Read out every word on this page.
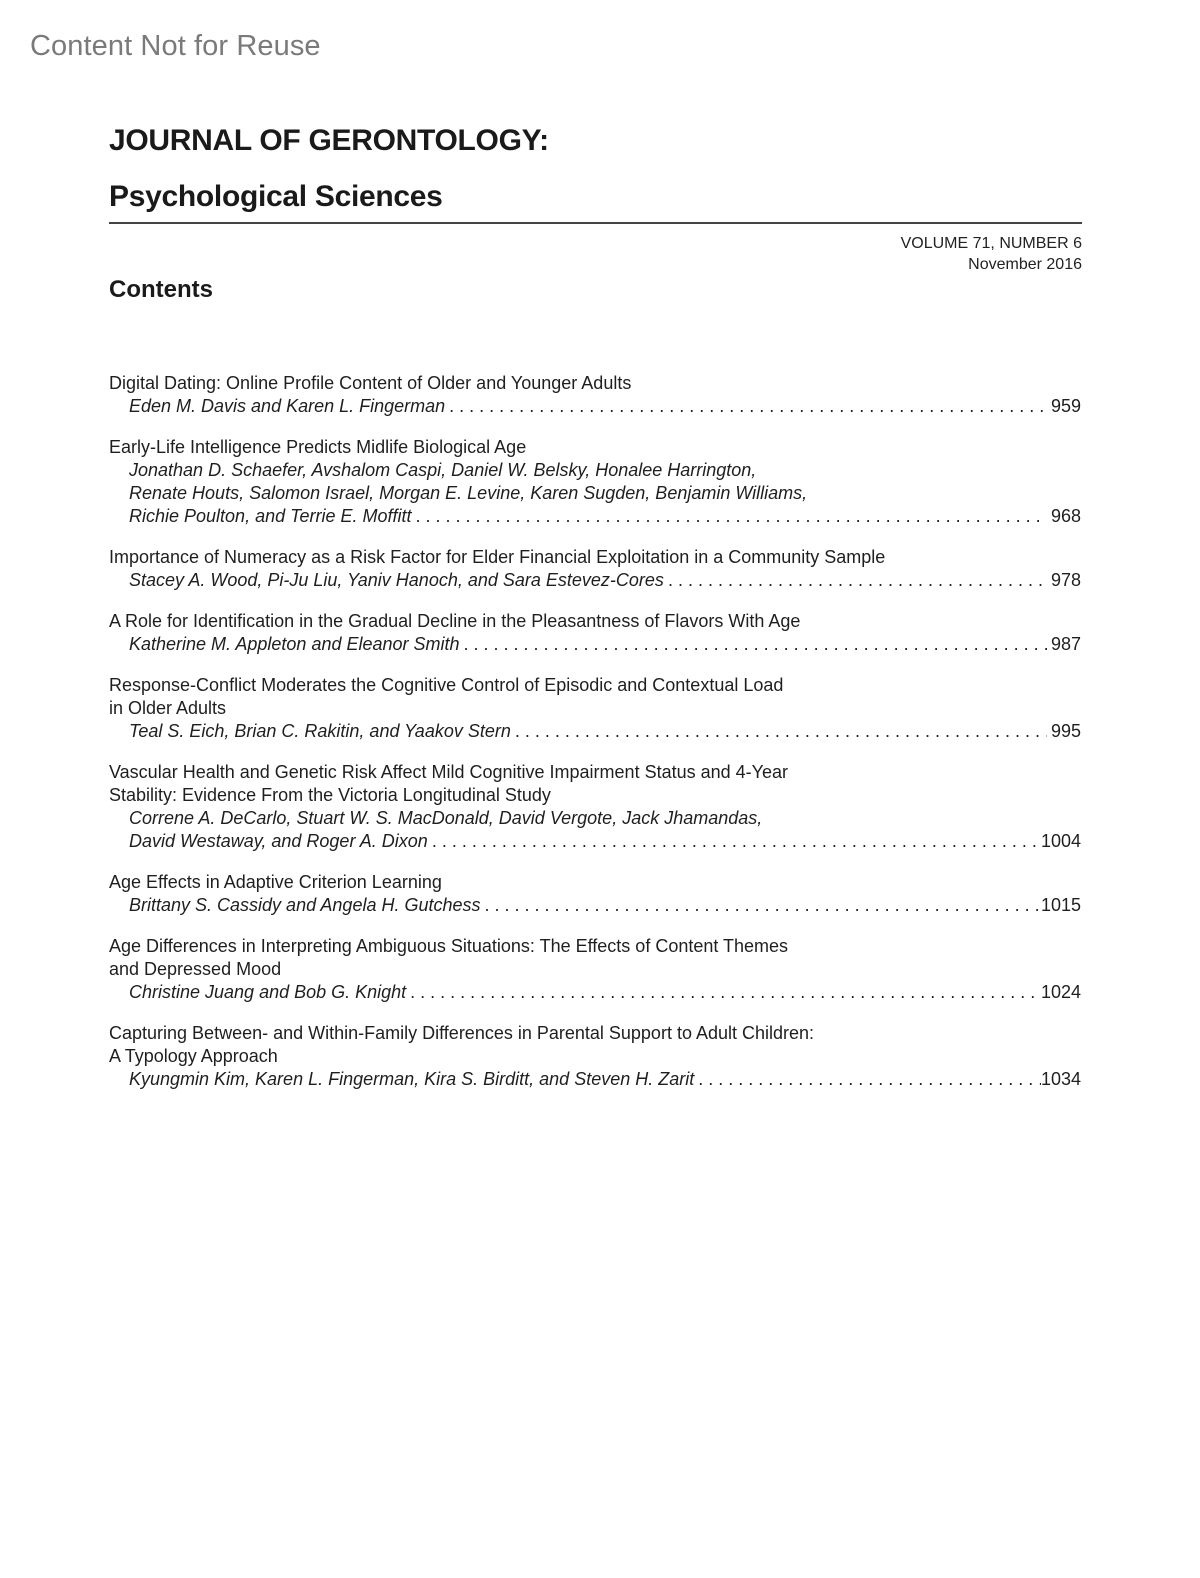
Content Not for Reuse
JOURNAL OF GERONTOLOGY:
Psychological Sciences
VOLUME 71, NUMBER 6
November 2016
Contents
Digital Dating: Online Profile Content of Older and Younger Adults
Eden M. Davis and Karen L. Fingerman . . .	959
Early-Life Intelligence Predicts Midlife Biological Age
Jonathan D. Schaefer, Avshalom Caspi, Daniel W. Belsky, Honalee Harrington,
Renate Houts, Salomon Israel, Morgan E. Levine, Karen Sugden, Benjamin Williams,
Richie Poulton, and Terrie E. Moffitt . . .	968
Importance of Numeracy as a Risk Factor for Elder Financial Exploitation in a Community Sample
Stacey A. Wood, Pi-Ju Liu, Yaniv Hanoch, and Sara Estevez-Cores . . .	978
A Role for Identification in the Gradual Decline in the Pleasantness of Flavors With Age
Katherine M. Appleton and Eleanor Smith . . .	987
Response-Conflict Moderates the Cognitive Control of Episodic and Contextual Load
in Older Adults
Teal S. Eich, Brian C. Rakitin, and Yaakov Stern . . .	995
Vascular Health and Genetic Risk Affect Mild Cognitive Impairment Status and 4-Year
Stability: Evidence From the Victoria Longitudinal Study
Correne A. DeCarlo, Stuart W. S. MacDonald, David Vergote, Jack Jhamandas,
David Westaway, and Roger A. Dixon . . .	1004
Age Effects in Adaptive Criterion Learning
Brittany S. Cassidy and Angela H. Gutchess . . .	1015
Age Differences in Interpreting Ambiguous Situations: The Effects of Content Themes
and Depressed Mood
Christine Juang and Bob G. Knight . . .	1024
Capturing Between- and Within-Family Differences in Parental Support to Adult Children:
A Typology Approach
Kyungmin Kim, Karen L. Fingerman, Kira S. Birditt, and Steven H. Zarit . . .	1034
